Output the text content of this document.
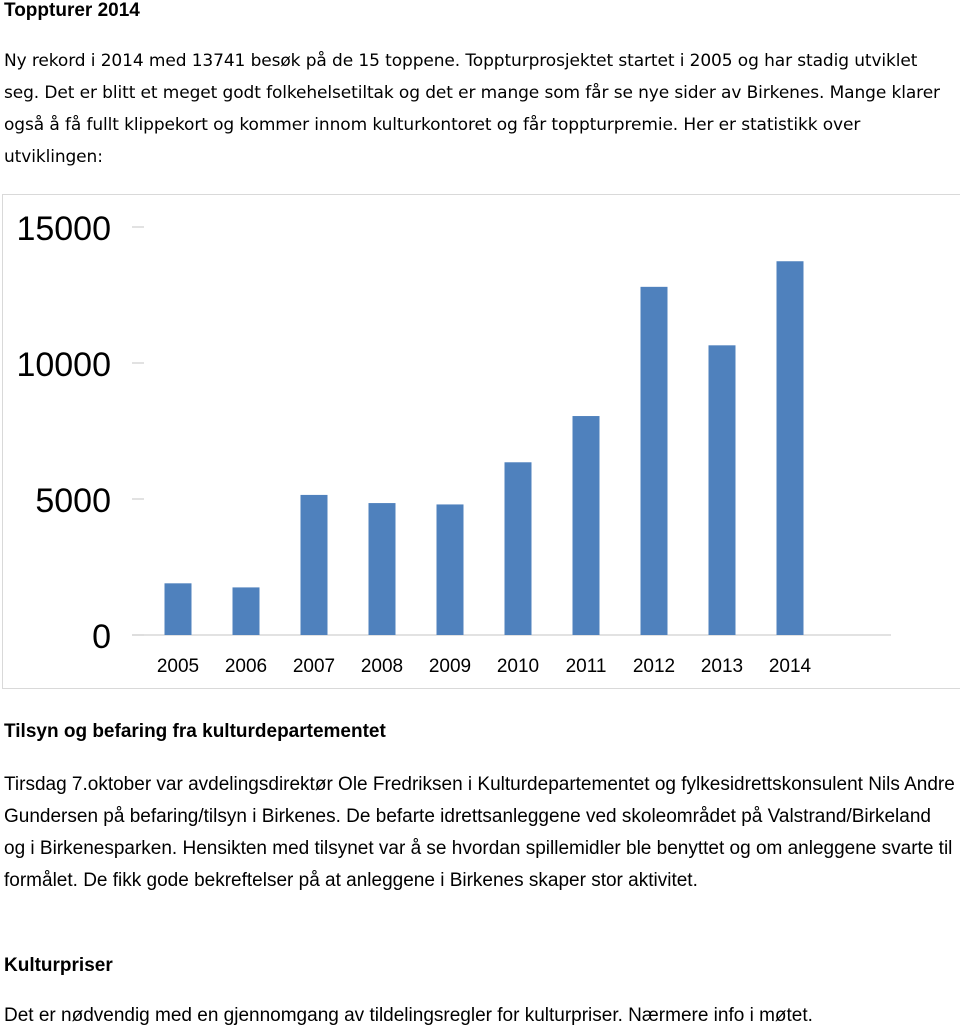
Toppturer 2014

Ny rekord i 2014 med 13741 besøk på de 15 toppene. Toppturprosjektet startet i 2005 og har stadig utviklet seg. Det er blitt et meget godt folkehelsetiltak og det er mange som får se nye sider av Birkenes. Mange klarer også å få fullt klippekort og kommer innom kulturkontoret og får toppturpremie. Her er statistikk over utviklingen:

0
5000
10000
15000
2005 2006 2007 2008 2009 2010 2011 2012 2013 2014
Tilsyn og befaring fra kulturdepartementet

Tirsdag 7.oktober var avdelingsdirektør Ole Fredriksen i Kulturdepartementet og fylkesidrettskonsulent Nils Andre Gundersen på befaring/tilsyn i Birkenes. De befarte idrettsanleggene ved skoleområdet på Valstrand/Birkeland og i Birkenesparken. Hensikten med tilsynet var å se hvordan spillemidler ble benyttet og om anleggene svarte til formålet. De fikk gode bekreftelser på at anleggene i Birkenes skaper stor aktivitet.

Kulturpriser

Det er nødvendig med en gjennomgang av tildelingsregler for kulturpriser. Nærmere info i møtet.
